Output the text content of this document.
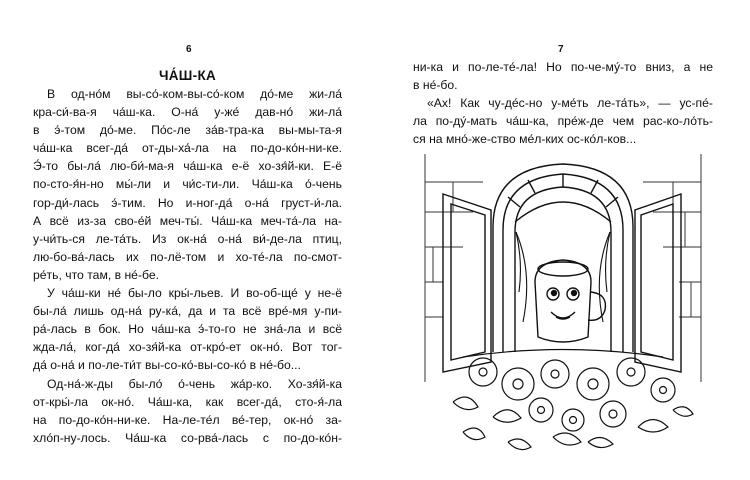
6
ЧА́Ш-КА
В од-но́м вы-со́-ком-вы-со́-ком до́-ме жи-ла́
кра-си́-ва-я ча́ш-ка. О-на́ у-же́ дав-но́ жи-ла́
в э́-том до́-ме. По́с-ле за́в-тра-ка вы-мы-та-я
ча́ш-ка всег-да́ от-ды-ха́-ла на по-до-ко́н-ни-ке.
Э́-то бы-ла́ лю-би́-ма-я ча́ш-ка е-ё хо-зя́й-ки. Е-ё
по-сто-я́н-но мы́-ли и чи́с-ти-ли. Ча́ш-ка о́-чень
гор-ди́-лась э́-тим. Но и-ног-да́ о-на́ груст-и́-ла.
А всё из-за сво-е́й меч-ты́. Ча́ш-ка меч-та́-ла на-
у-чи́ть-ся ле-та́ть. Из ок-на́ о-на́ ви́-де-ла птиц,
лю-бо-ва́-лась их по-лё-том и хо-те́-ла по-смот-
ре́ть, что там, в не́-бе.
У ча́ш-ки не́ бы-ло кры́-льев. И во-об-ще́ у не-ё
бы-ла́ лишь од-на́ ру-ка́, да и та всё вре́-мя у-пи-
ра́-лась в бок. Но ча́ш-ка э́-то-го не зна́-ла и всё
жда-ла́, ког-да́ хо-зя́й-ка от-кро́-ет ок-но́. Вот тог-
да́ о-на́ и по-ле-ти́т вы-со-ко́-вы-со-ко́ в не́-бо...
Од-на́-ж-ды бы-ло́ о́-чень жа́р-ко. Хо-зя́й-ка
от-кры́-ла ок-но́. Ча́ш-ка, как всег-да́, сто-я́-ла
на по-до-ко́н-ни-ке. На-ле-те́л ве́-тер, ок-но́ за-
хло́п-ну-лось. Ча́ш-ка со-рва́-лась с по-до-ко́н-
7
ни-ка и по-ле-те́-ла! Но по-че-му́-то вниз, а не
в не́-бо.
«Ах! Как чу-де́с-но у-ме́ть ле-та́ть», — ус-пе́-
ла по-ду́-мать ча́ш-ка, пре́ж-де чем рас-ко-ло́ть-
ся на мно́-же-ство ме́л-ких ос-ко́л-ков...
